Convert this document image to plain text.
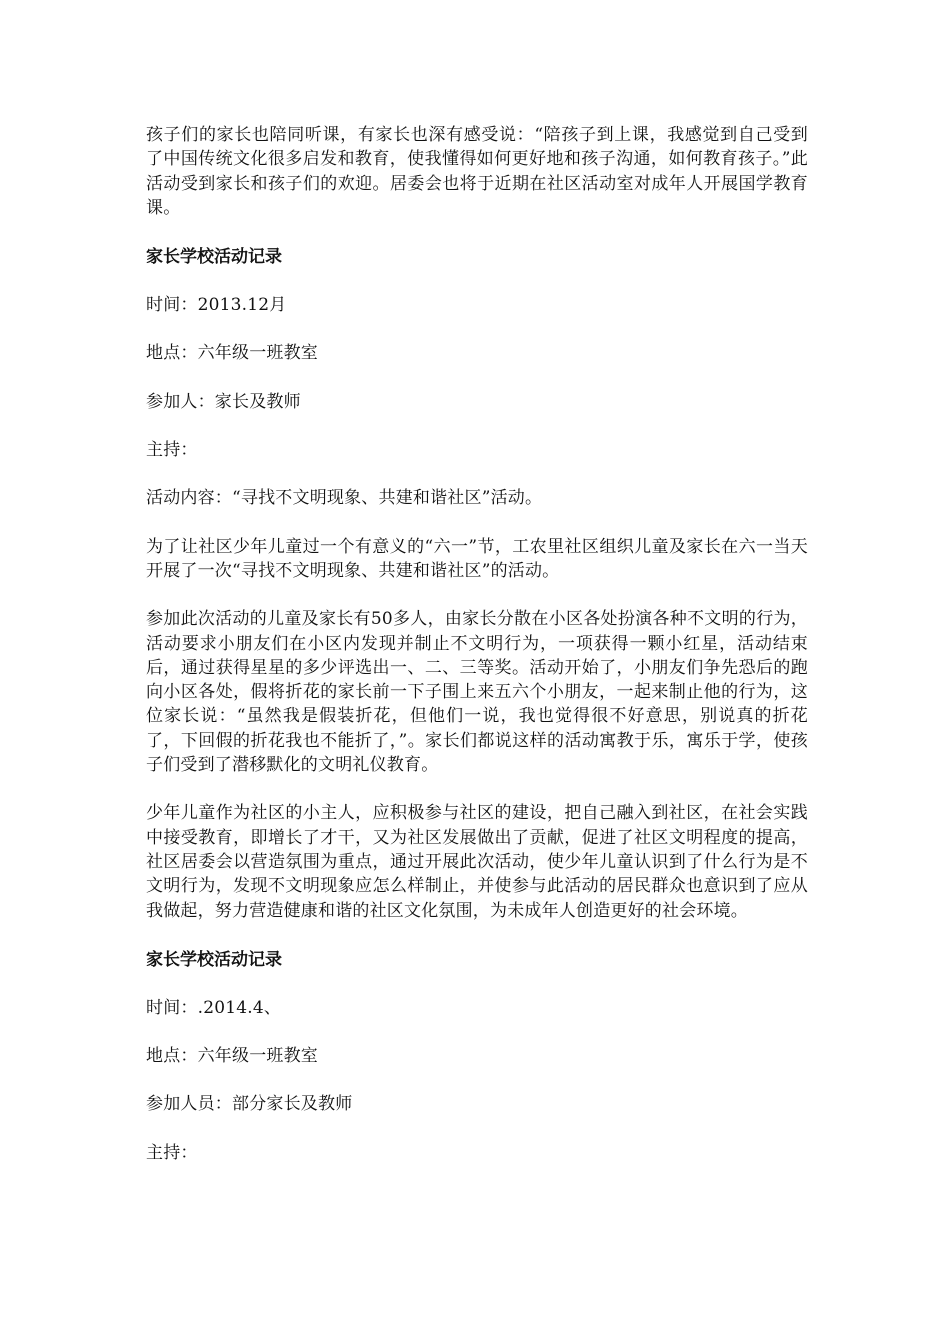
孩子们的家长也陪同听课，有家长也深有感受说：“陪孩子到上课，我感觉到自己受到了中国传统文化很多启发和教育，使我懂得如何更好地和孩子沟通，如何教育孩子。”此活动受到家长和孩子们的欢迎。居委会也将于近期在社区活动室对成年人开展国学教育课。

家长学校活动记录

时间：2013.12月

地点：六年级一班教室

参加人：家长及教师

主持：

活动内容：“寻找不文明现象、共建和谐社区”活动。

为了让社区少年儿童过一个有意义的“六一”节，工农里社区组织儿童及家长在六一当天开展了一次“寻找不文明现象、共建和谐社区”的活动。

参加此次活动的儿童及家长有50多人，由家长分散在小区各处扮演各种不文明的行为，活动要求小朋友们在小区内发现并制止不文明行为，一项获得一颗小红星，活动结束后，通过获得星星的多少评选出一、二、三等奖。活动开始了，小朋友们争先恐后的跑向小区各处，假将折花的家长前一下子围上来五六个小朋友，一起来制止他的行为，这位家长说：“虽然我是假装折花，但他们一说，我也觉得很不好意思，别说真的折花了，下回假的折花我也不能折了，”。家长们都说这样的活动寓教于乐，寓乐于学，使孩子们受到了潜移默化的文明礼仪教育。

少年儿童作为社区的小主人，应积极参与社区的建设，把自己融入到社区，在社会实践中接受教育，即增长了才干，又为社区发展做出了贡献，促进了社区文明程度的提高，社区居委会以营造氛围为重点，通过开展此次活动，使少年儿童认识到了什么行为是不文明行为，发现不文明现象应怎么样制止，并使参与此活动的居民群众也意识到了应从我做起，努力营造健康和谐的社区文化氛围，为未成年人创造更好的社会环境。

家长学校活动记录

时间：.2014.4、

地点：六年级一班教室

参加人员：部分家长及教师

主持：
